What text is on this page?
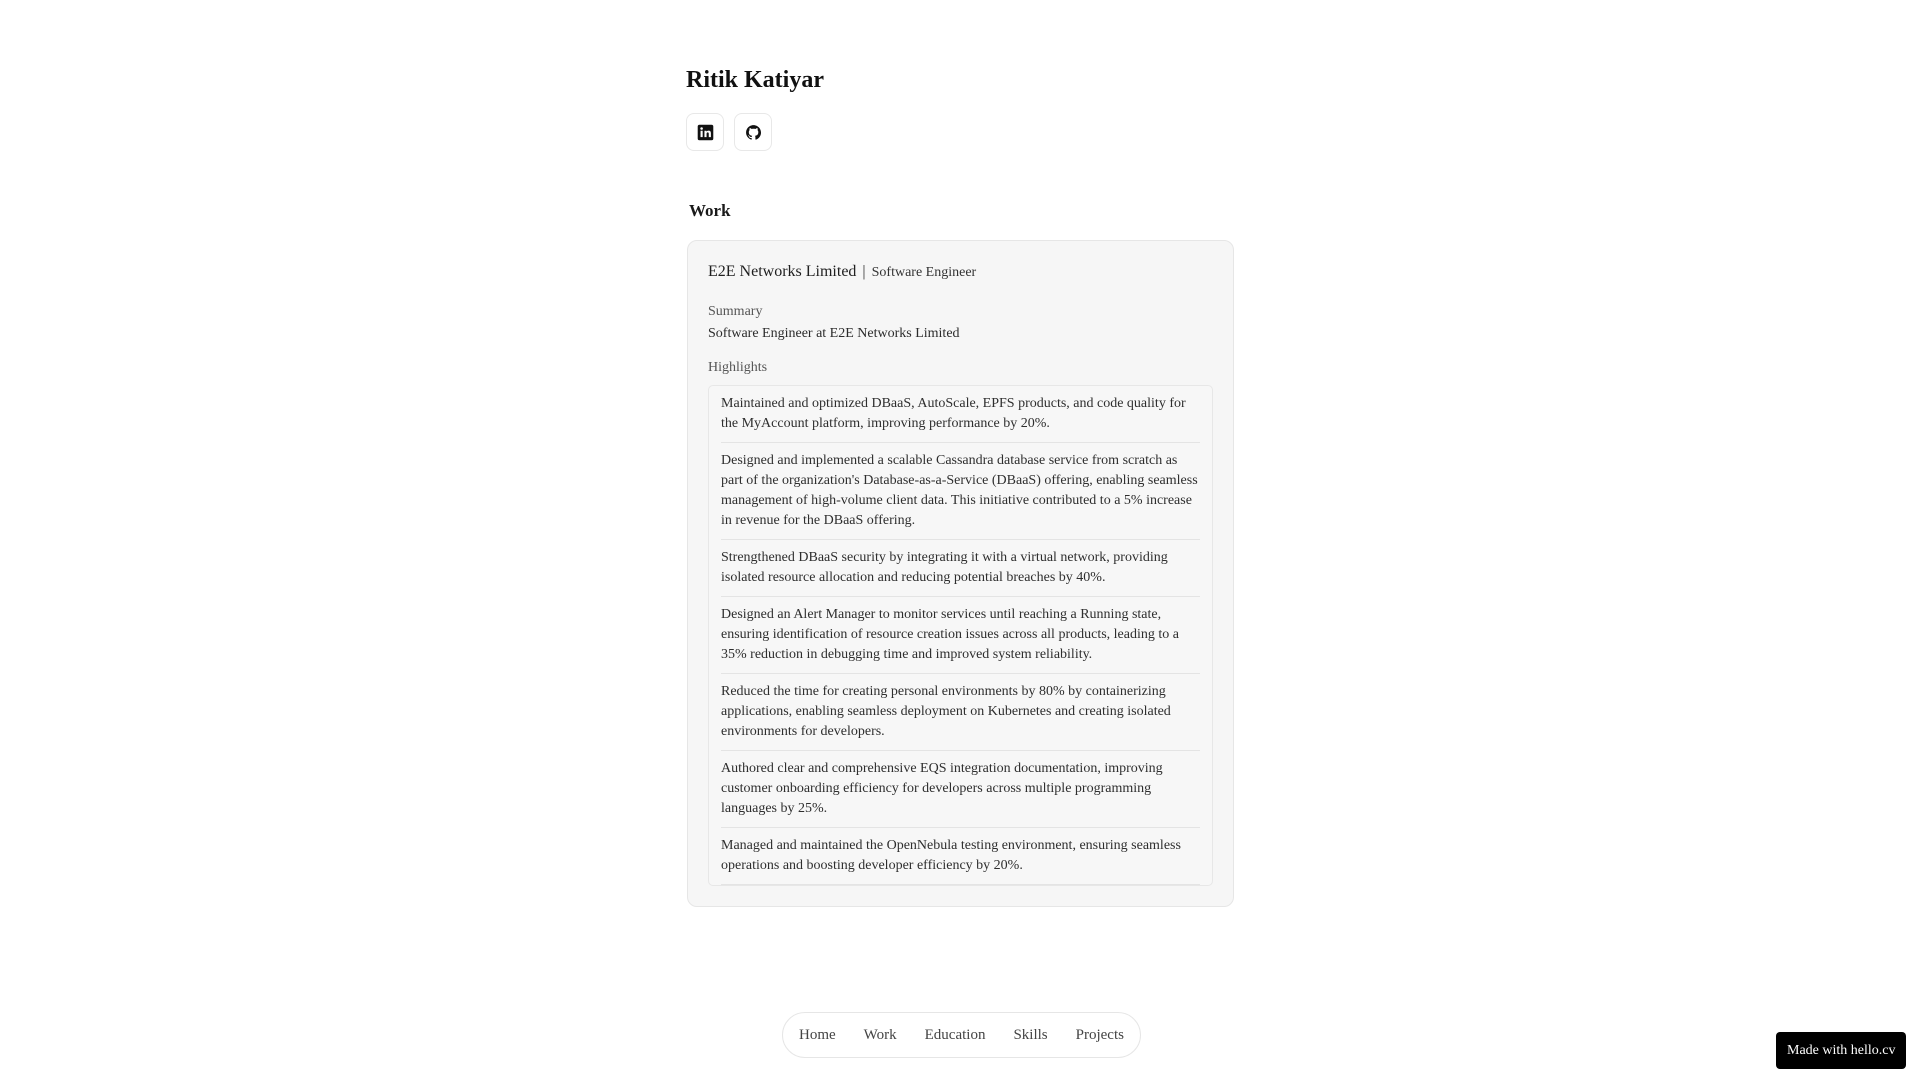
Ritik Katiyar
Work
E2E Networks Limited | Software Engineer
Summary
Software Engineer at E2E Networks Limited
Highlights
Maintained and optimized DBaaS, AutoScale, EPFS products, and code quality for the MyAccount platform, improving performance by 20%.
Designed and implemented a scalable Cassandra database service from scratch as part of the organization's Database-as-a-Service (DBaaS) offering, enabling seamless management of high-volume client data. This initiative contributed to a 5% increase in revenue for the DBaaS offering.
Strengthened DBaaS security by integrating it with a virtual network, providing isolated resource allocation and reducing potential breaches by 40%.
Designed an Alert Manager to monitor services until reaching a Running state, ensuring identification of resource creation issues across all products, leading to a 35% reduction in debugging time and improved system reliability.
Reduced the time for creating personal environments by 80% by containerizing applications, enabling seamless deployment on Kubernetes and creating isolated environments for developers.
Authored clear and comprehensive EQS integration documentation, improving customer onboarding efficiency for developers across multiple programming languages by 25%.
Managed and maintained the OpenNebula testing environment, ensuring seamless operations and boosting developer efficiency by 20%.
Home Work Education Skills Projects
Made with hello.cv
